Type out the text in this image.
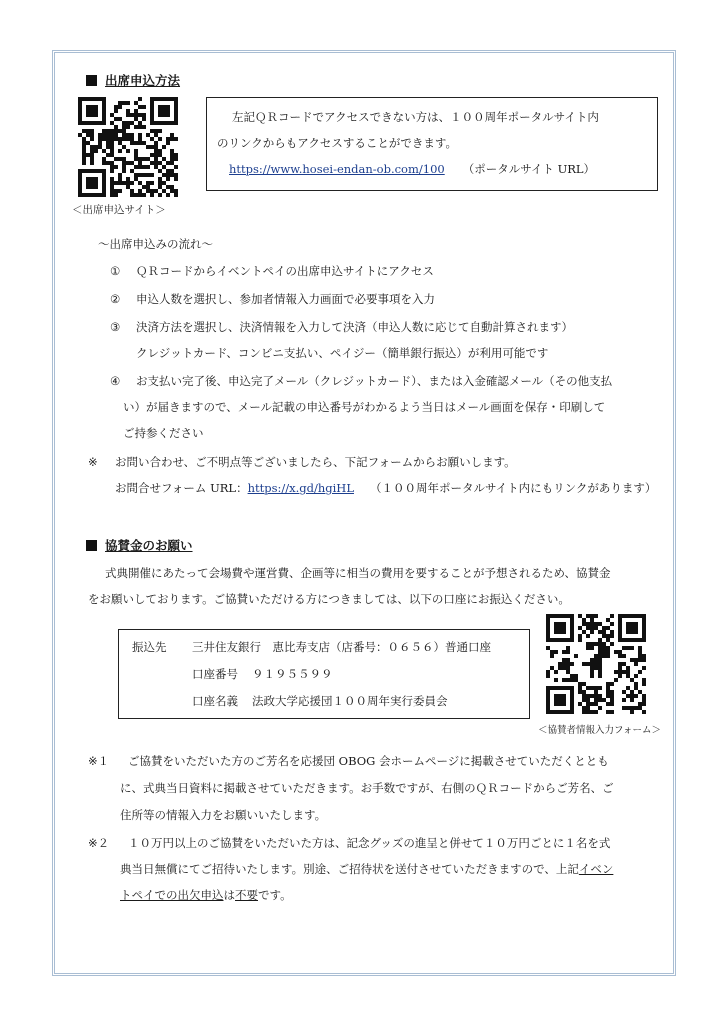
出席申込方法
＜出席申込サイト＞
左記ＱＲコードでアクセスできない方は、１００周年ポータルサイト内
のリンクからもアクセスすることができます。
https://www.hosei-endan-ob.com/100 （ポータルサイト URL）
～出席申込みの流れ～
① ＱＲコードからイベントペイの出席申込サイトにアクセス
② 申込人数を選択し、参加者情報入力画面で必要事項を入力
③ 決済方法を選択し、決済情報を入力して決済（申込人数に応じて自動計算されます）
クレジットカード、コンビニ支払い、ペイジー（簡単銀行振込）が利用可能です
④ お支払い完了後、申込完了メール（クレジットカード）、または入金確認メール（その他支払
い）が届きますので、メール記載の申込番号がわかるよう当日はメール画面を保存・印刷して
ご持参ください
※ お問い合わせ、ご不明点等ございましたら、下記フォームからお願いします。
お問合せフォーム URL：https://x.gd/hgiHL （１００周年ポータルサイト内にもリンクがあります）
協賛金のお願い
式典開催にあたって会場費や運営費、企画等に相当の費用を要することが予想されるため、協賛金
をお願いしております。ご協賛いただける方につきましては、以下の口座にお振込ください。
振込先 三井住友銀行　恵比寿支店（店番号：０６５６）普通口座
口座番号 ９１９５５９９
口座名義 法政大学応援団１００周年実行委員会
＜協賛者情報入力フォーム＞
※１ ご協賛をいただいた方のご芳名を応援団 OBOG 会ホームページに掲載させていただくととも
に、式典当日資料に掲載させていただきます。お手数ですが、右側のＱＲコードからご芳名、ご
住所等の情報入力をお願いいたします。
※２ １０万円以上のご協賛をいただいた方は、記念グッズの進呈と併せて１０万円ごとに１名を式
典当日無償にてご招待いたします。別途、ご招待状を送付させていただきますので、上記イベン
トペイでの出欠申込は不要です。
